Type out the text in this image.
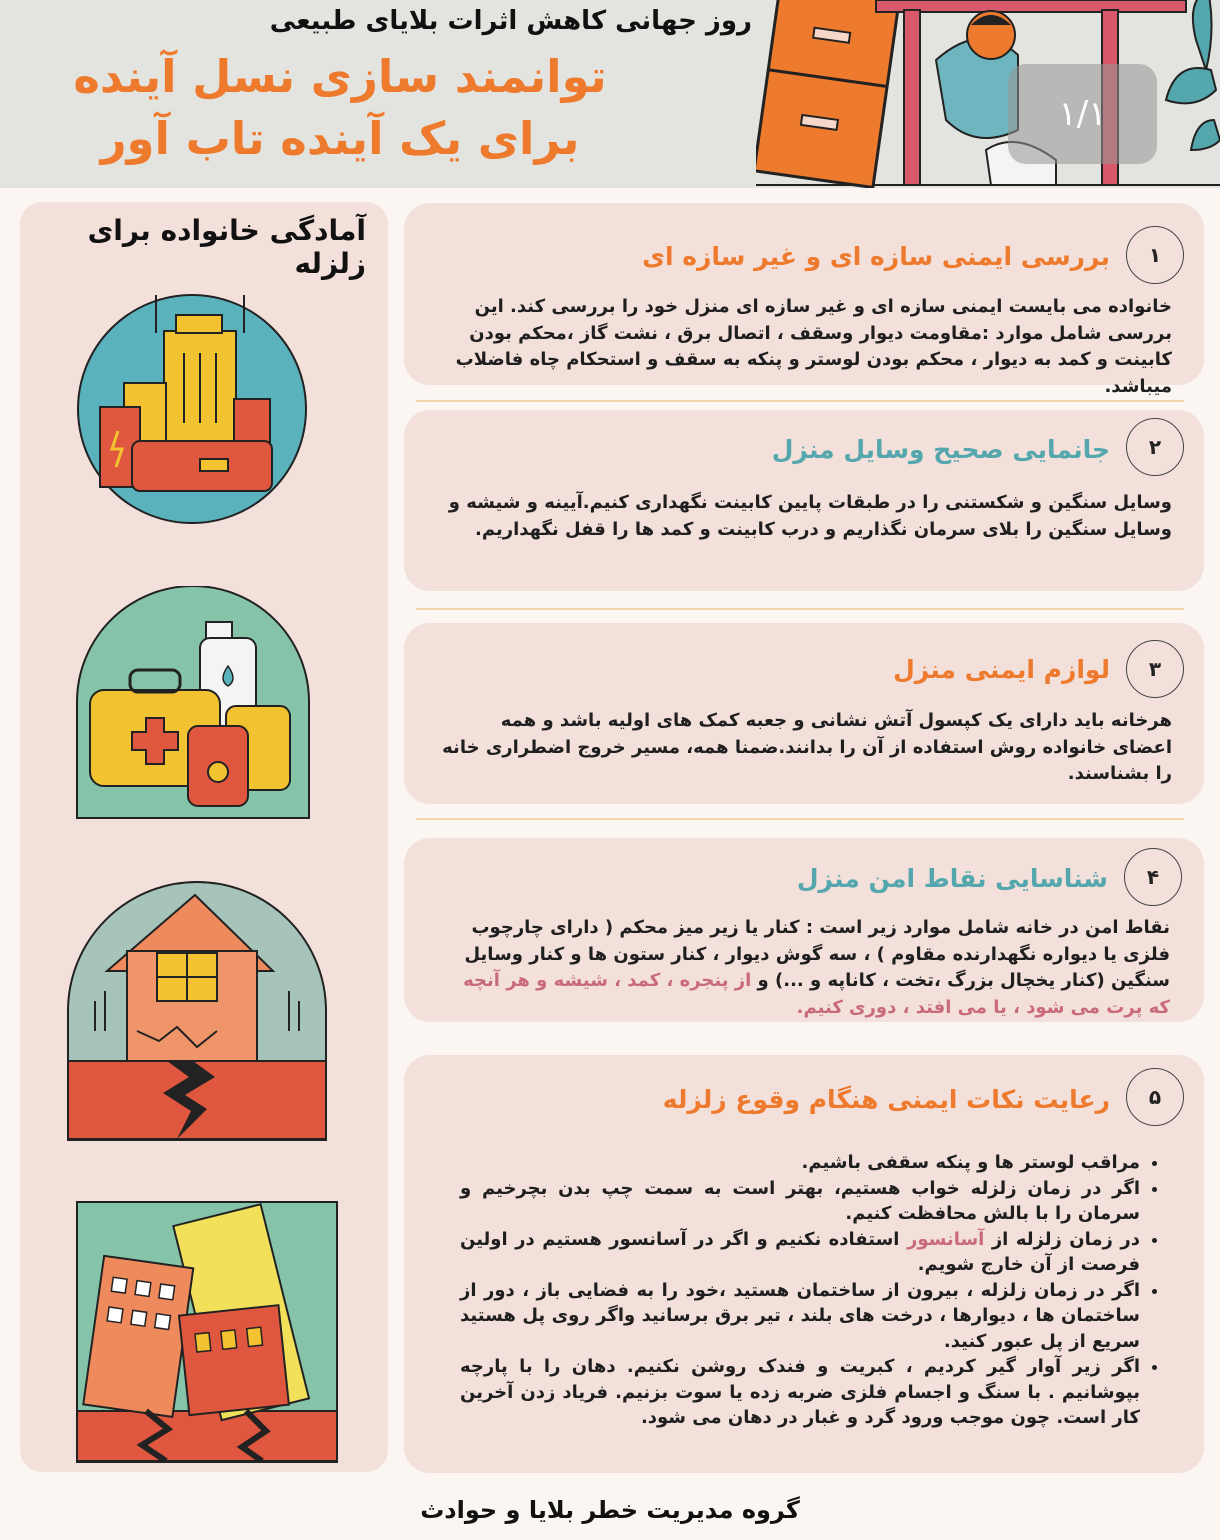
روز جهانی کاهش اثرات بلایای طبیعی
توانمند سازی نسل آینده
برای یک آینده تاب آور	۱/۱
آمادگی خانواده برای زلزله	۱
بررسی ایمنی سازه ای و غیر سازه ای
خانواده می بایست ایمنی سازه ای و غیر سازه ای منزل خود را بررسی کند. این بررسی شامل موارد :مقاومت دیوار وسقف ، اتصال برق ، نشت گاز ،محکم بودن کابینت و کمد به دیوار ، محکم بودن لوستر و پنکه به سقف و استحکام چاه فاضلاب میباشد.
۲
جانمایی صحیح وسایل منزل
وسایل سنگین و شکستنی را در طبقات پایین کابینت نگهداری کنیم.آیینه و شیشه و وسایل سنگین را بلای سرمان نگذاریم و درب کابینت و کمد ها را قفل نگهداریم.
۳
لوازم ایمنی منزل
هرخانه باید دارای یک کپسول آتش نشانی و جعبه کمک های اولیه باشد و همه اعضای خانواده روش استفاده از آن را بدانند.ضمنا همه، مسیر خروج اضطراری خانه را بشناسند.
۴
شناسایی نقاط امن منزل
نقاط امن در خانه شامل موارد زیر است : کنار یا زیر میز محکم ( دارای چارچوب فلزی یا دیواره نگهدارنده مقاوم ) ، سه گوش دیوار ، کنار ستون ها و کنار وسایل سنگین (کنار یخچال بزرگ ،تخت ، کاناپه و ...) و از پنجره ، کمد ، شیشه و هر آنچه که پرت می شود ، یا می افتد ، دوری کنیم.
۵
رعایت نکات ایمنی هنگام وقوع زلزله
• مراقب لوستر ها و پنکه سقفی باشیم.
• اگر در زمان زلزله خواب هستیم، بهتر است به سمت چپ بدن بچرخیم و سرمان را با بالش محافظت کنیم.
• در زمان زلزله از آسانسور استفاده نکنیم و اگر در آسانسور هستیم در اولین فرصت از آن خارج شویم.
• اگر در زمان زلزله ، بیرون از ساختمان هستید ،خود را به فضایی باز ، دور از ساختمان ها ، دیوارها ، درخت های بلند ، تیر برق برسانید واگر روی پل هستید سریع از پل عبور کنید.
• اگر زیر آوار گیر کردیم ، کبریت و فندک روشن نکنیم. دهان را با پارچه بپوشانیم . با سنگ و اجسام فلزی ضربه زده یا سوت بزنیم. فریاد زدن آخرین کار است. چون موجب ورود گرد و غبار در دهان می شود.
گروه مدیریت خطر بلایا و حوادث
